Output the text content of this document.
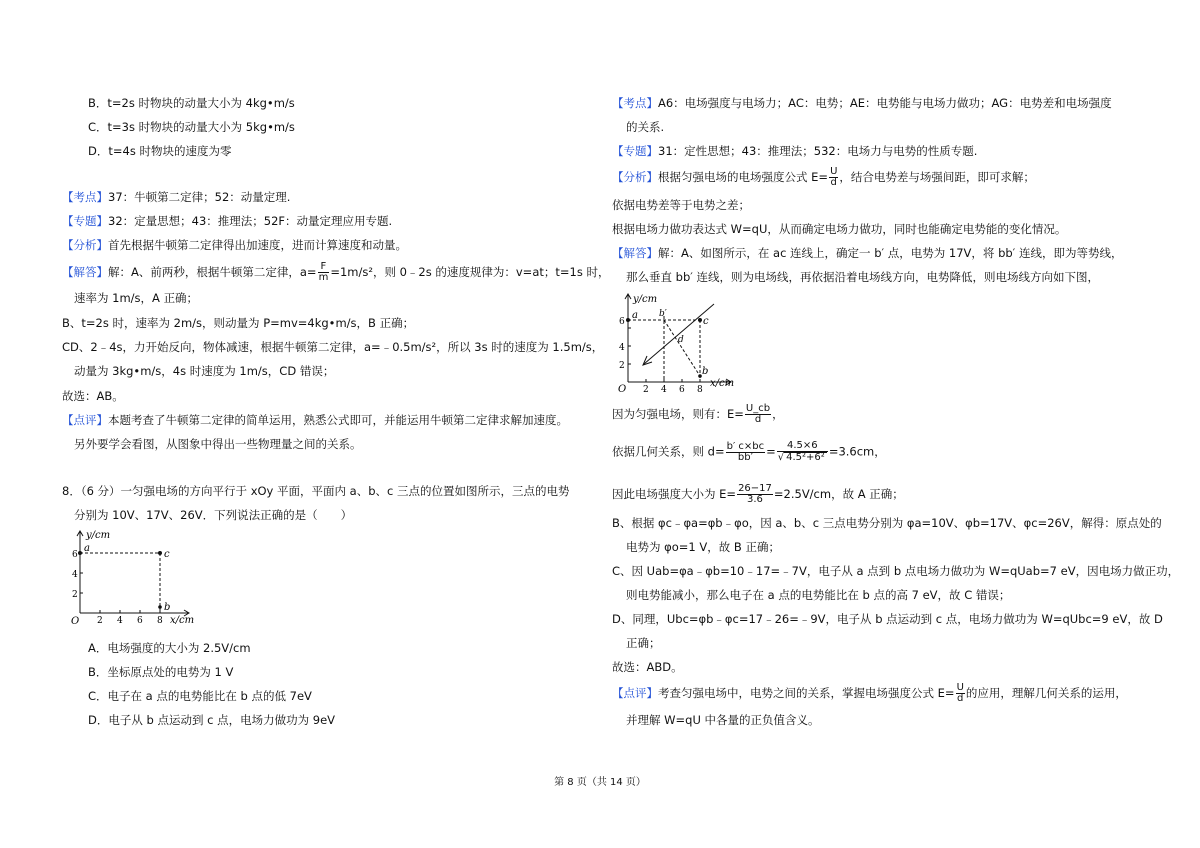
B．t=2s 时物块的动量大小为 4kg•m/s
C．t=3s 时物块的动量大小为 5kg•m/s
D．t=4s 时物块的速度为零
【考点】37：牛顿第二定律；52：动量定理.
【专题】32：定量思想；43：推理法；52F：动量定理应用专题.
【分析】首先根据牛顿第二定律得出加速度，进而计算速度和动量。
【解答】解：A、前两秒，根据牛顿第二定律，$a= \frac{F}{m} =1m/s^2$，则 0﹣2s 的速度规律为：v=at；t=1s 时，
速率为 1m/s，A 正确；
B、t=2s 时，速率为 2m/s，则动量为 P=mv=4kg•m/s，B 正确；
CD、2﹣4s，力开始反向，物体减速，根据牛顿第二定律，a=﹣0.5m/s²，所以 3s 时的速度为 1.5m/s，
动量为 3kg•m/s，4s 时速度为 1m/s，CD 错误；
故选：AB。
【点评】本题考查了牛顿第二定律的简单运用，熟悉公式即可，并能运用牛顿第二定律求解加速度。
另外要学会看图，从图象中得出一些物理量之间的关系。
8．（6 分）一匀强电场的方向平行于 xOy 平面，平面内 a、b、c 三点的位置如图所示，三点的电势
分别为 10V、17V、26V．下列说法正确的是（　　）
y/cm
x/cm
O
6
4
2
2 4 6 8
a
c
b
A．电场强度的大小为 2.5V/cm
B．坐标原点处的电势为 1 V
C．电子在 a 点的电势能比在 b 点的低 7eV
D．电子从 b 点运动到 c 点，电场力做功为 9eV
【考点】A6：电场强度与电场力；AC：电势；AE：电势能与电场力做功；AG：电势差和电场强度
的关系.
【专题】31：定性思想；43：推理法；532：电场力与电势的性质专题.
【分析】根据匀强电场的电场强度公式 $E= \frac{U}{d}$ ，结合电势差与场强间距，即可求解；
依据电势差等于电势之差；
根据电场力做功表达式 W=qU，从而确定电场力做功，同时也能确定电势能的变化情况。
【解答】解：A、如图所示，在 ac 连线上，确定一 b′ 点，电势为 17V，将 bb′ 连线，即为等势线，
那么垂直 bb′ 连线，则为电场线，再依据沿着电场线方向，电势降低，则电场线方向如下图，
y/cm
x/cm
O
6
4
2
2 4 6 8
a
c
b
b′
d
因为匀强电场，则有：$E= \frac{U\_cb}{d}$ ，
依据几何关系，则 $d= \frac{b' c\times bc}{bb'} = \frac{4.5\times 6}{\text{√ 4.5²+6²}} =3.6cm$，
因此电场强度大小为 $E= \frac{26-17}{3.6} =2.5V/cm$，故 A 正确；
B、根据 φc﹣φa=φb﹣φo，因 a、b、c 三点电势分别为 φa=10V、φb=17V、φc=26V，解得：原点处的
电势为 φo=1 V，故 B 正确；
C、因 Uab=φa﹣φb=10﹣17=﹣7V，电子从 a 点到 b 点电场力做功为 W=qUab=7 eV，因电场力做正功，
则电势能减小，那么电子在 a 点的电势能比在 b 点的高 7 eV，故 C 错误；
D、同理，Ubc=φb﹣φc=17﹣26=﹣9V，电子从 b 点运动到 c 点，电场力做功为 W=qUbc=9 eV，故 D
正确；
故选：ABD。
【点评】考查匀强电场中，电势之间的关系，掌握电场强度公式 $E= \frac{U}{d}$ 的应用，理解几何关系的运用，
并理解 W=qU 中各量的正负值含义。
第 8 页（共 14 页）
